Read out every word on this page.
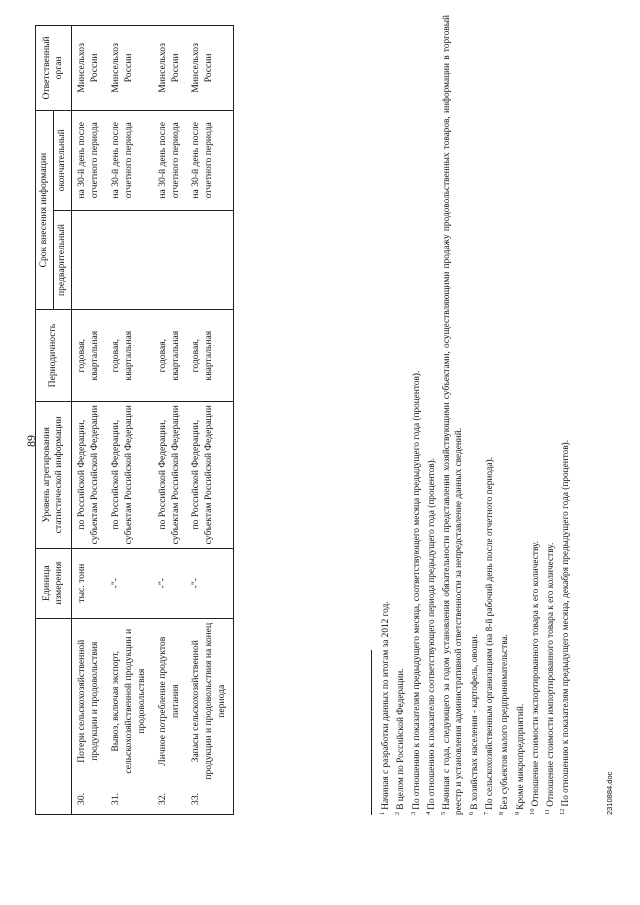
89
		Единица измерения	Уровень агрегирования статистической информации	Периодичность	Срок внесения информации		Ответственный орган
					предварительный	окончательный	
30.	Потери сельскохозяйственной продукции и продовольствия	тыс. тонн	по Российской Федерации, субъектам Российской Федерации	годовая, квартальная		на 30-й день после отчетного периода	Минсельхоз России
31.	Вывоз, включая экспорт, сельскохозяйственной продукции и продовольствия	-"-	по Российской Федерации, субъектам Российской Федерации	годовая, квартальная		на 30-й день после отчетного периода	Минсельхоз России
32.	Личное потребление продуктов питания	-"-	по Российской Федерации, субъектам Российской Федерации	годовая, квартальная		на 30-й день после отчетного периода	Минсельхоз России
33.	Запасы сельскохозяйственной продукции и продовольствия на конец периода	-"-	по Российской Федерации, субъектам Российской Федерации	годовая, квартальная		на 30-й день после отчетного периода	Минсельхоз России

$^1$Начиная с разработки данных по итогам за 2012 год.

$^2$В целом по Российской Федерации.

$^3$По отношению к показателям предыдущего месяца, соответствующего месяца предыдущего года (процентов).

$^4$По отношению к показателю соответствующего периода предыдущего года (процентов).

$^5$Начиная с года, следующего за годом установления обязательности представления хозяйствующими субъектами, осуществляющими продажу продовольственных товаров, информации в торговый реестр и установления административной ответственности за непредставление данных сведений. $^6$В хозяйствах населения - картофель, овощи.

$^7$По сельскохозяйственным организациям (на 8-й рабочий день после отчетного периода).

$^8$Без субъектов малого предпринимательства.

$^9$Кроме микропредприятий.

$^{10}$Отношение стоимости экспортированного товара к его количеству.

$^{11}$Отношение стоимости импортированного товара к его количеству.

$^{12}$По отношению к показателям предыдущего месяца, декабря предыдущего года (процентов).	2310884.doc
